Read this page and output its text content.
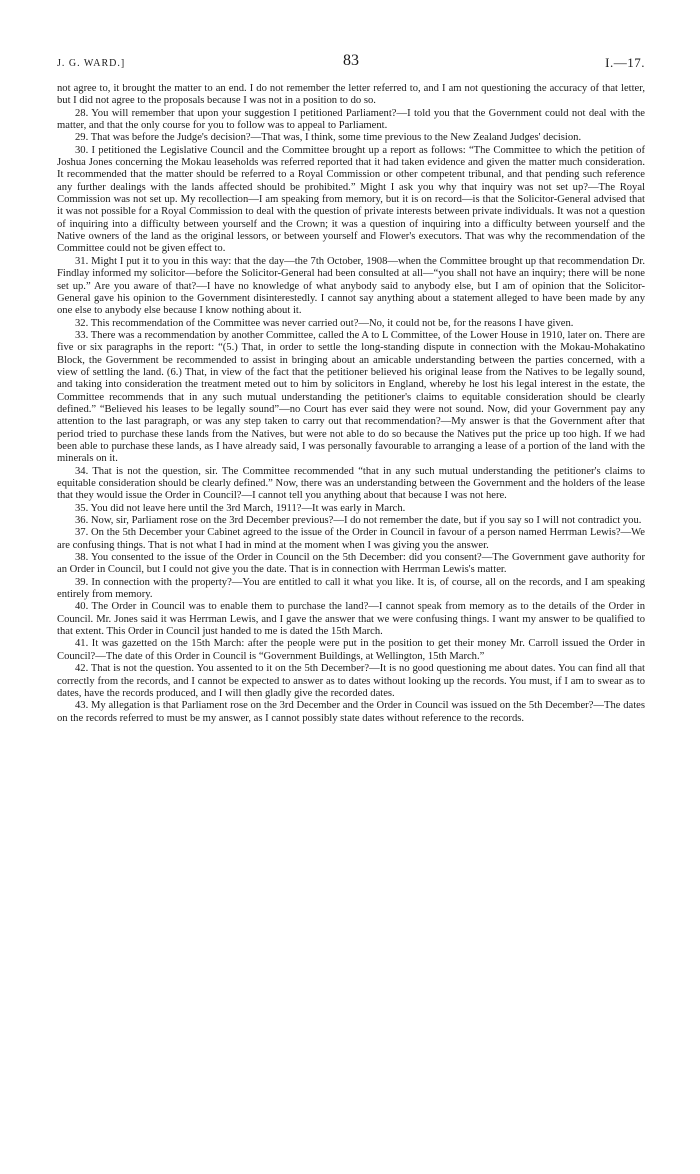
J. G. WARD.]	83	I.—17.

not agree to, it brought the matter to an end. I do not remember the letter referred to, and I am not questioning the accuracy of that letter, but I did not agree to the proposals because I was not in a position to do so.

28. You will remember that upon your suggestion I petitioned Parliament?—I told you that the Government could not deal with the matter, and that the only course for you to follow was to appeal to Parliament.

29. That was before the Judge's decision?—That was, I think, some time previous to the New Zealand Judges' decision.

30. I petitioned the Legislative Council and the Committee brought up a report as follows: “The Committee to which the petition of Joshua Jones concerning the Mokau leaseholds was referred reported that it had taken evidence and given the matter much consideration. It recommended that the matter should be referred to a Royal Commission or other competent tribunal, and that pending such reference any further dealings with the lands affected should be prohibited.” Might I ask you why that inquiry was not set up?—The Royal Commission was not set up. My recollection—I am speaking from memory, but it is on record—is that the Solicitor-General advised that it was not possible for a Royal Commission to deal with the question of private interests between private individuals. It was not a question of inquiring into a difficulty between yourself and the Crown; it was a question of inquiring into a difficulty between yourself and the Native owners of the land as the original lessors, or between yourself and Flower's executors. That was why the recommendation of the Committee could not be given effect to.

31. Might I put it to you in this way: that the day—the 7th October, 1908—when the Committee brought up that recommendation Dr. Findlay informed my solicitor—before the Solicitor-General had been consulted at all—“you shall not have an inquiry; there will be none set up.” Are you aware of that?—I have no knowledge of what anybody said to anybody else, but I am of opinion that the Solicitor-General gave his opinion to the Government disinterestedly. I cannot say anything about a statement alleged to have been made by any one else to anybody else because I know nothing about it.

32. This recommendation of the Committee was never carried out?—No, it could not be, for the reasons I have given.

33. There was a recommendation by another Committee, called the A to L Committee, of the Lower House in 1910, later on. There are five or six paragraphs in the report: “(5.) That, in order to settle the long-standing dispute in connection with the Mokau-Mohakatino Block, the Government be recommended to assist in bringing about an amicable understanding between the parties concerned, with a view of settling the land. (6.) That, in view of the fact that the petitioner believed his original lease from the Natives to be legally sound, and taking into consideration the treatment meted out to him by solicitors in England, whereby he lost his legal interest in the estate, the Committee recommends that in any such mutual understanding the petitioner's claims to equitable consideration should be clearly defined.” “Believed his leases to be legally sound”—no Court has ever said they were not sound. Now, did your Government pay any attention to the last paragraph, or was any step taken to carry out that recommendation?—My answer is that the Government after that period tried to purchase these lands from the Natives, but were not able to do so because the Natives put the price up too high. If we had been able to purchase these lands, as I have already said, I was personally favourable to arranging a lease of a portion of the land with the minerals on it.

34. That is not the question, sir. The Committee recommended “that in any such mutual understanding the petitioner's claims to equitable consideration should be clearly defined.” Now, there was an understanding between the Government and the holders of the lease that they would issue the Order in Council?—I cannot tell you anything about that because I was not here.

35. You did not leave here until the 3rd March, 1911?—It was early in March.

36. Now, sir, Parliament rose on the 3rd December previous?—I do not remember the date, but if you say so I will not contradict you.

37. On the 5th December your Cabinet agreed to the issue of the Order in Council in favour of a person named Herrman Lewis?—We are confusing things. That is not what I had in mind at the moment when I was giving you the answer.

38. You consented to the issue of the Order in Council on the 5th December: did you consent?—The Government gave authority for an Order in Council, but I could not give you the date. That is in connection with Herrman Lewis's matter.

39. In connection with the property?—You are entitled to call it what you like. It is, of course, all on the records, and I am speaking entirely from memory.

40. The Order in Council was to enable them to purchase the land?—I cannot speak from memory as to the details of the Order in Council. Mr. Jones said it was Herrman Lewis, and I gave the answer that we were confusing things. I want my answer to be qualified to that extent. This Order in Council just handed to me is dated the 15th March.

41. It was gazetted on the 15th March: after the people were put in the position to get their money Mr. Carroll issued the Order in Council?—The date of this Order in Council is “Government Buildings, at Wellington, 15th March.”

42. That is not the question. You assented to it on the 5th December?—It is no good questioning me about dates. You can find all that correctly from the records, and I cannot be expected to answer as to dates without looking up the records. You must, if I am to swear as to dates, have the records produced, and I will then gladly give the recorded dates.

43. My allegation is that Parliament rose on the 3rd December and the Order in Council was issued on the 5th December?—The dates on the records referred to must be my answer, as I cannot possibly state dates without reference to the records.
